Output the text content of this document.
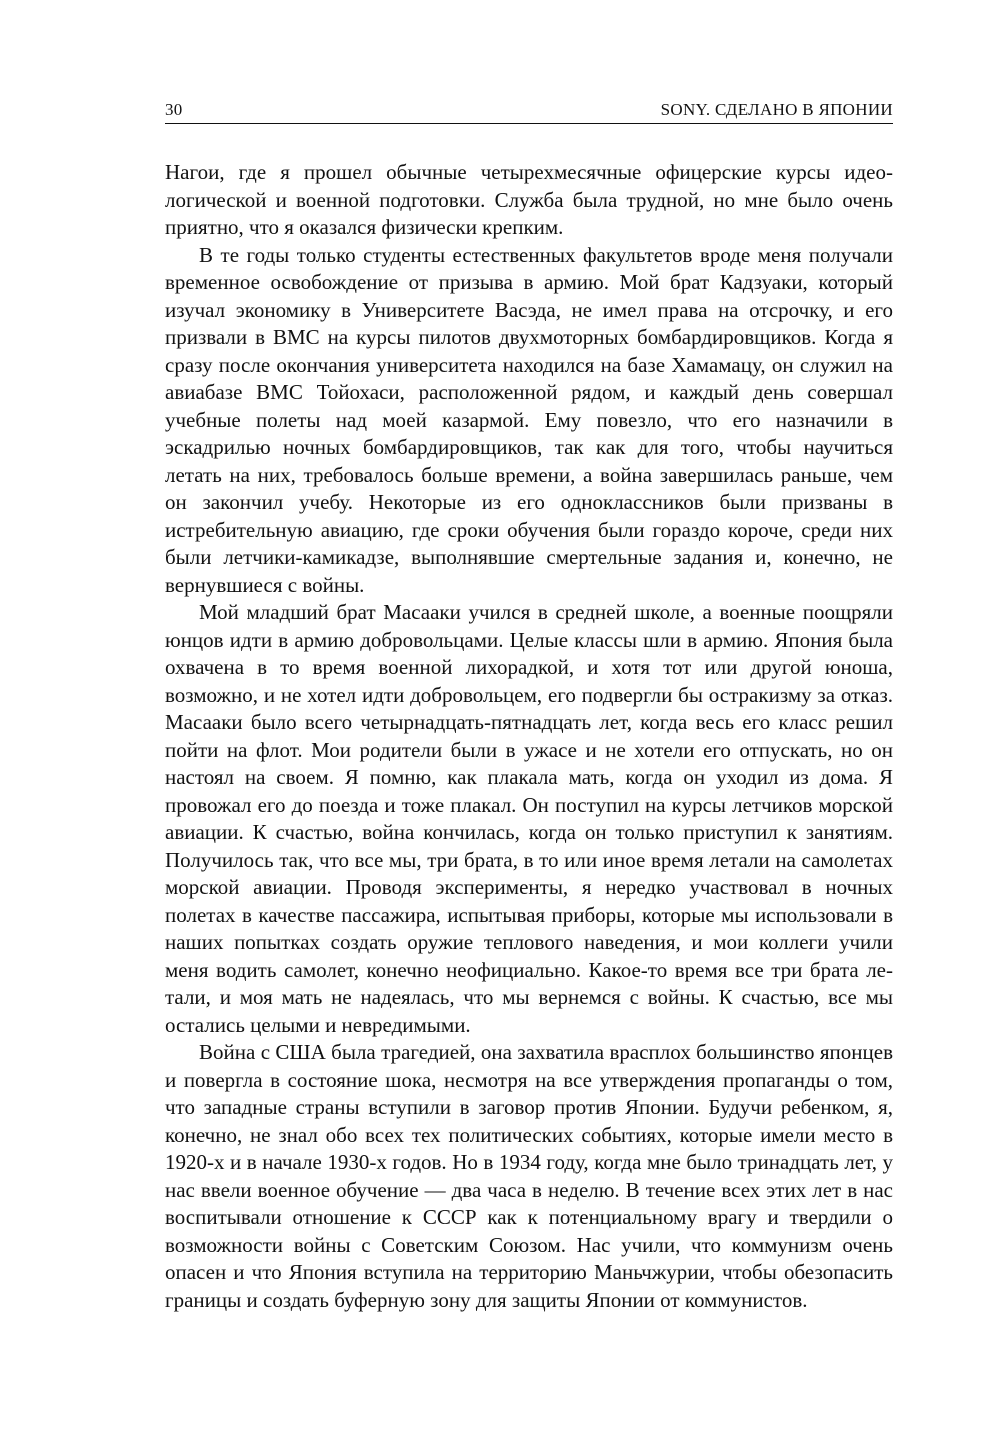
30	SONY. СДЕЛАНО В ЯПОНИИ

Нагои, где я прошел обычные четырехмесячные офицерские курсы идеологической и военной подготовки. Служба была трудной, но мне было очень приятно, что я оказался физически крепким.

В те годы только студенты естественных факультетов вроде меня получали временное освобождение от призыва в армию. Мой брат Кадзуаки, который изучал экономику в Университете Васэда, не имел права на отсрочку, и его призвали в ВМС на курсы пилотов двухмоторных бомбардировщиков. Когда я сразу после окончания университета находился на базе Хамамацу, он служил на авиабазе ВМС Тойохаси, расположенной рядом, и каждый день совершал учебные полеты над моей казармой. Ему повезло, что его назначили в эскадрилью ночных бомбардировщиков, так как для того, чтобы научиться летать на них, требовалось больше времени, а война завершилась раньше, чем он закончил учебу. Некоторые из его одноклассников были призваны в истребительную авиацию, где сроки обучения были гораздо короче, среди них были летчики-камикадзе, выполнявшие смертельные задания и, конечно, не вернувшиеся с войны.

Мой младший брат Масааки учился в средней школе, а военные поощряли юнцов идти в армию добровольцами. Целые классы шли в армию. Япония была охвачена в то время военной лихорадкой, и хотя тот или другой юноша, возможно, и не хотел идти добровольцем, его подвергли бы остракизму за отказ. Масааки было всего четырнадцать-пятнадцать лет, когда весь его класс решил пойти на флот. Мои родители были в ужасе и не хотели его отпускать, но он настоял на своем. Я помню, как плакала мать, когда он уходил из дома. Я провожал его до поезда и тоже плакал. Он поступил на курсы летчиков морской авиации. К счастью, война кончилась, когда он только приступил к занятиям. Получилось так, что все мы, три брата, в то или иное время летали на самолетах морской авиации. Проводя эксперименты, я нередко участвовал в ночных полетах в качестве пассажира, испытывая приборы, которые мы использовали в наших попытках создать оружие теплового наведения, и мои коллеги учили меня водить самолет, конечно неофициально. Какое-то время все три брата летали, и моя мать не надеялась, что мы вернемся с войны. К счастью, все мы остались целыми и невредимыми.

Война с США была трагедией, она захватила врасплох большинство японцев и повергла в состояние шока, несмотря на все утверждения пропаганды о том, что западные страны вступили в заговор против Японии. Будучи ребенком, я, конечно, не знал обо всех тех политических событиях, которые имели место в 1920-х и в начале 1930-х годов. Но в 1934 году, когда мне было тринадцать лет, у нас ввели военное обучение — два часа в неделю. В течение всех этих лет в нас воспитывали отношение к СССР как к потенциальному врагу и твердили о возможности войны с Советским Союзом. Нас учили, что коммунизм очень опасен и что Япония вступила на территорию Маньчжурии, чтобы обезопасить границы и создать буферную зону для защиты Японии от коммунистов.
